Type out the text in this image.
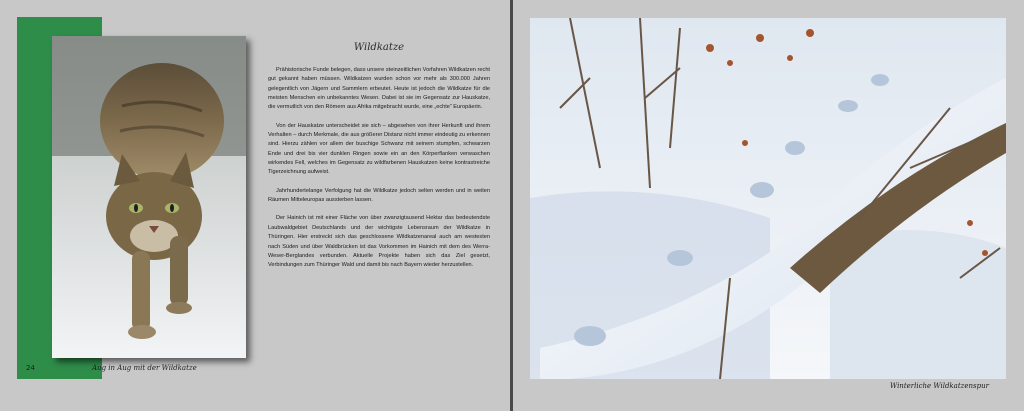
Wildkatze

Prähistorische Funde belegen, dass unsere steinzeitlichen Vorfahren Wildkatzen recht gut gekannt haben müssen. Wildkatzen wurden schon vor mehr als 300.000 Jahren gelegentlich von Jägern und Sammlern erbeutet. Heute ist jedoch die Wildkatze für die meisten Menschen ein unbekanntes Wesen. Dabei ist sie im Gegensatz zur Hauskatze, die vermutlich von den Römern aus Afrika mitgebracht wurde, eine „echte“ Europäerin.

Von der Hauskatze unterscheidet sie sich – abgesehen von ihrer Herkunft und ihrem Verhalten – durch Merkmale, die aus größerer Distanz nicht immer eindeutig zu erkennen sind. Hierzu zählen vor allem der buschige Schwanz mit seinem stumpfen, schwarzen Ende und drei bis vier dunklen Ringen sowie ein an den Körperflanken verwaschen wirkendes Fell, welches im Gegensatz zu wildfarbenen Hauskatzen keine kontrastreiche Tigerzeichnung aufweist.

Jahrhundertelange Verfolgung hat die Wildkatze jedoch selten werden und in weiten Räumen Mitteleuropas aussterben lassen.

Der Hainich ist mit einer Fläche von über zwanzigtausend Hektar das bedeutendste Laubwaldgebiet Deutschlands und der wichtigste Lebensraum der Wildkatze in Thüringen. Hier erstreckt sich das geschlossene Wildkatzenareal auch am westesten nach Süden und über Waldbrücken ist das Vorkommen im Hainich mit dem des Werra-Weser-Berglandes verbunden. Aktuelle Projekte haben sich das Ziel gesetzt, Verbindungen zum Thüringer Wald und damit bis nach Bayern wieder herzustellen.

24	Aug in Aug mit der Wildkatze
Winterliche Wildkatzenspur
